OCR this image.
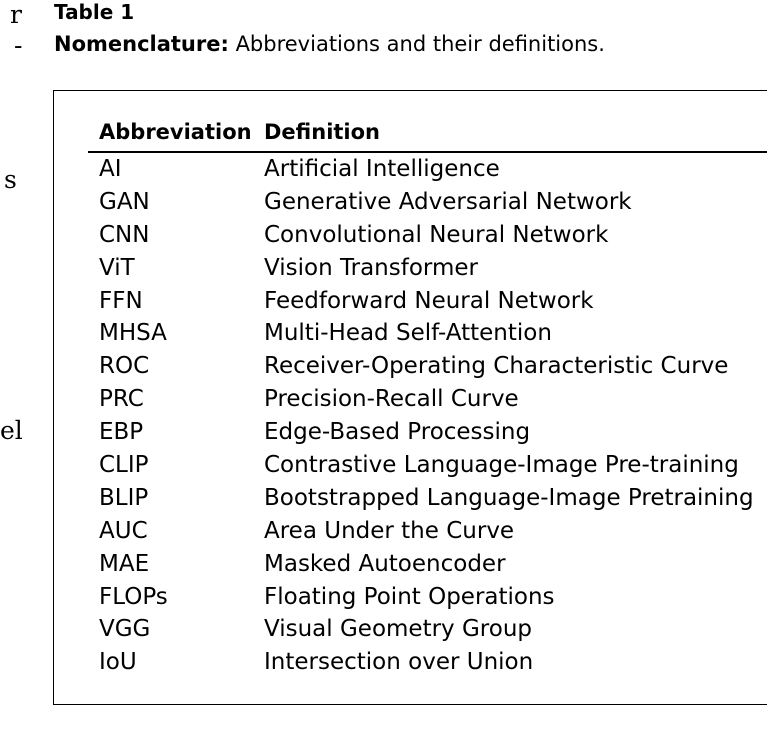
r
-
s
el
Table 1
Nomenclature: Abbreviations and their definitions.
Abbreviation Definition
AI	Artificial Intelligence
GAN	Generative Adversarial Network
CNN	Convolutional Neural Network
ViT	Vision Transformer
FFN	Feedforward Neural Network
MHSA	Multi-Head Self-Attention
ROC	Receiver-Operating Characteristic Curve
PRC	Precision-Recall Curve
EBP	Edge-Based Processing
CLIP	Contrastive Language-Image Pre-training
BLIP	Bootstrapped Language-Image Pretraining
AUC	Area Under the Curve
MAE	Masked Autoencoder
FLOPs	Floating Point Operations
VGG	Visual Geometry Group
IoU	Intersection over Union
